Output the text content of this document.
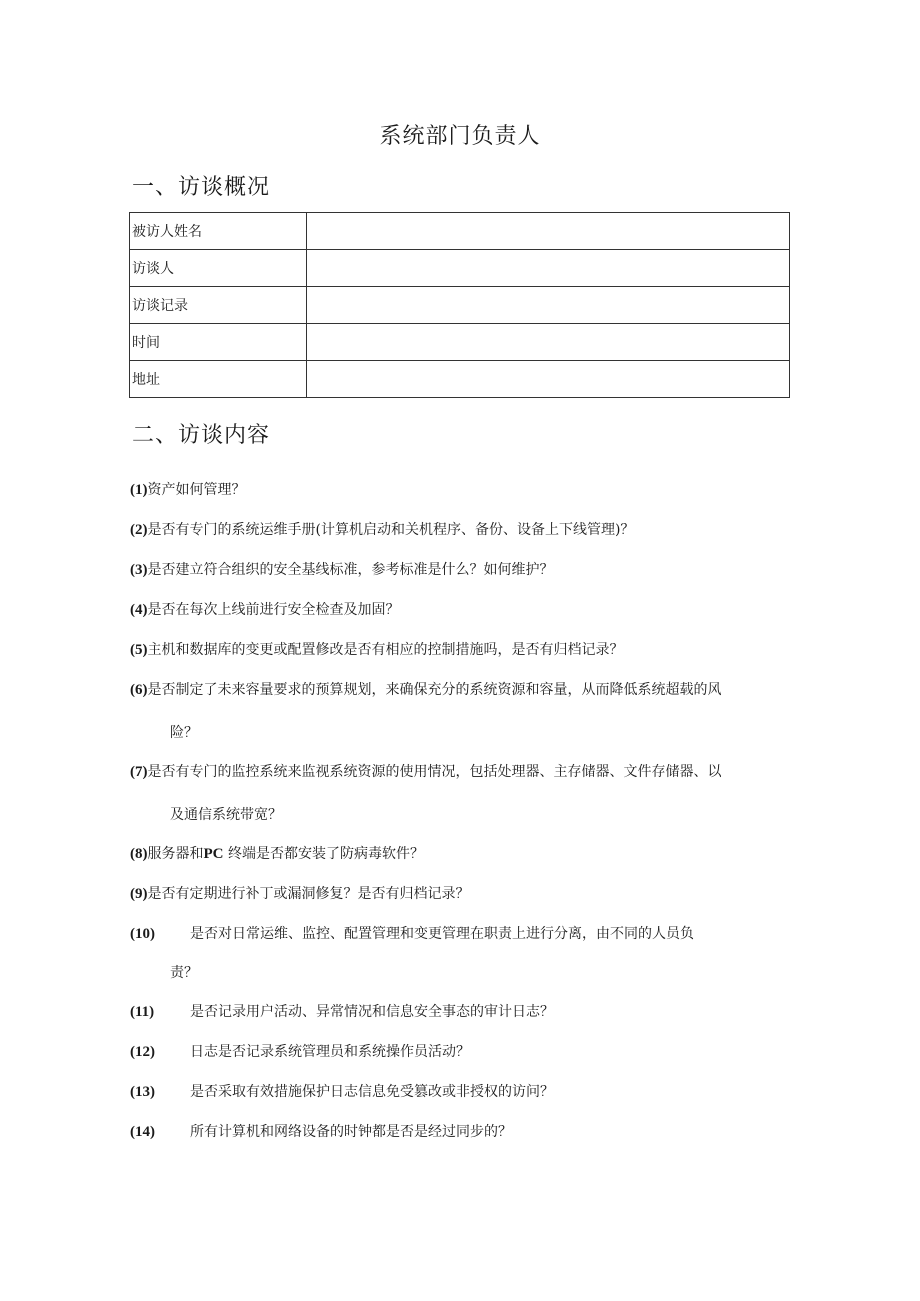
系统部门负责人
一、访谈概况
被访人姓名	
访谈人	
访谈记录	
时间	
地址	
二、访谈内容
(1)资产如何管理？
(2)是否有专门的系统运维手册(计算机启动和关机程序、备份、设备上下线管理)？
(3)是否建立符合组织的安全基线标准，参考标准是什么？如何维护？
(4)是否在每次上线前进行安全检查及加固？
(5)主机和数据库的变更或配置修改是否有相应的控制措施吗，是否有归档记录？
(6)是否制定了未来容量要求的预算规划，来确保充分的系统资源和容量，从而降低系统超载的风
险？
(7)是否有专门的监控系统来监视系统资源的使用情况，包括处理器、主存储器、文件存储器、以
及通信系统带宽？
(8)服务器和PC 终端是否都安装了防病毒软件？
(9)是否有定期进行补丁或漏洞修复？是否有归档记录？
(10)	是否对日常运维、监控、配置管理和变更管理在职责上进行分离，由不同的人员负
责？
(11)	是否记录用户活动、异常情况和信息安全事态的审计日志？
(12)	日志是否记录系统管理员和系统操作员活动？
(13)	是否采取有效措施保护日志信息免受篡改或非授权的访问？
(14)	所有计算机和网络设备的时钟都是否是经过同步的？
